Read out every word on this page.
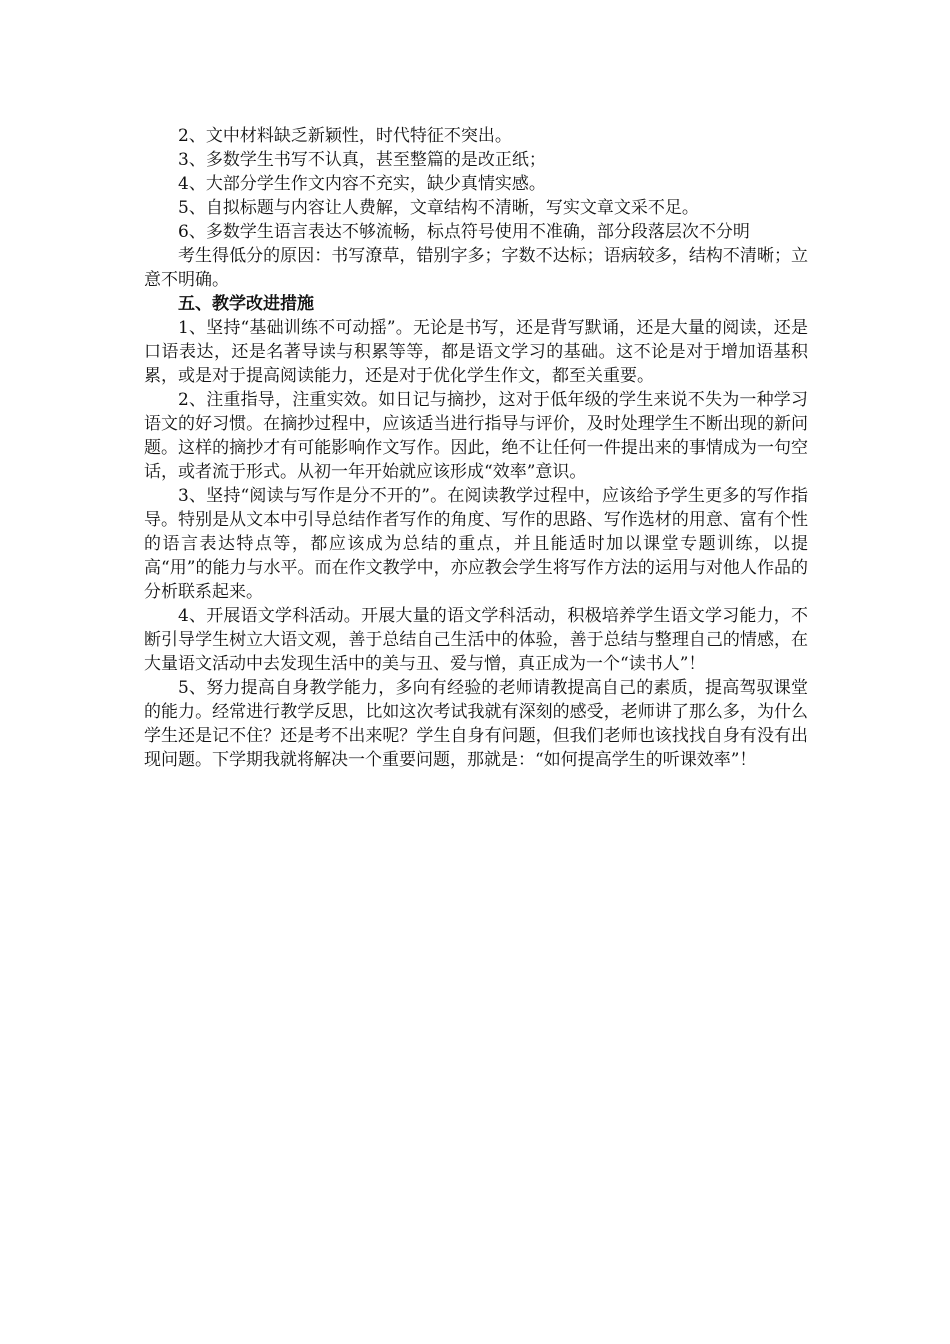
2、文中材料缺乏新颖性，时代特征不突出。

3、多数学生书写不认真，甚至整篇的是改正纸；

4、大部分学生作文内容不充实，缺少真情实感。

5、自拟标题与内容让人费解，文章结构不清晰，写实文章文采不足。

6、多数学生语言表达不够流畅，标点符号使用不准确，部分段落层次不分明

考生得低分的原因：书写潦草，错别字多；字数不达标；语病较多，结构不清晰；立意不明确。

五、教学改进措施

1、坚持“基础训练不可动摇”。无论是书写，还是背写默诵，还是大量的阅读，还是口语表达，还是名著导读与积累等等，都是语文学习的基础。这不论是对于增加语基积累，或是对于提高阅读能力，还是对于优化学生作文，都至关重要。

2、注重指导，注重实效。如日记与摘抄，这对于低年级的学生来说不失为一种学习语文的好习惯。在摘抄过程中，应该适当进行指导与评价，及时处理学生不断出现的新问题。这样的摘抄才有可能影响作文写作。因此，绝不让任何一件提出来的事情成为一句空话，或者流于形式。从初一年开始就应该形成“效率”意识。

3、坚持“阅读与写作是分不开的”。在阅读教学过程中，应该给予学生更多的写作指导。特别是从文本中引导总结作者写作的角度、写作的思路、写作选材的用意、富有个性的语言表达特点等，都应该成为总结的重点，并且能适时加以课堂专题训练，以提高“用”的能力与水平。而在作文教学中，亦应教会学生将写作方法的运用与对他人作品的分析联系起来。

4、开展语文学科活动。开展大量的语文学科活动，积极培养学生语文学习能力，不断引导学生树立大语文观，善于总结自己生活中的体验，善于总结与整理自己的情感，在大量语文活动中去发现生活中的美与丑、爱与憎，真正成为一个“读书人”！

5、努力提高自身教学能力，多向有经验的老师请教提高自己的素质，提高驾驭课堂的能力。经常进行教学反思，比如这次考试我就有深刻的感受，老师讲了那么多，为什么学生还是记不住？还是考不出来呢？学生自身有问题，但我们老师也该找找自身有没有出现问题。下学期我就将解决一个重要问题，那就是：“如何提高学生的听课效率”！
